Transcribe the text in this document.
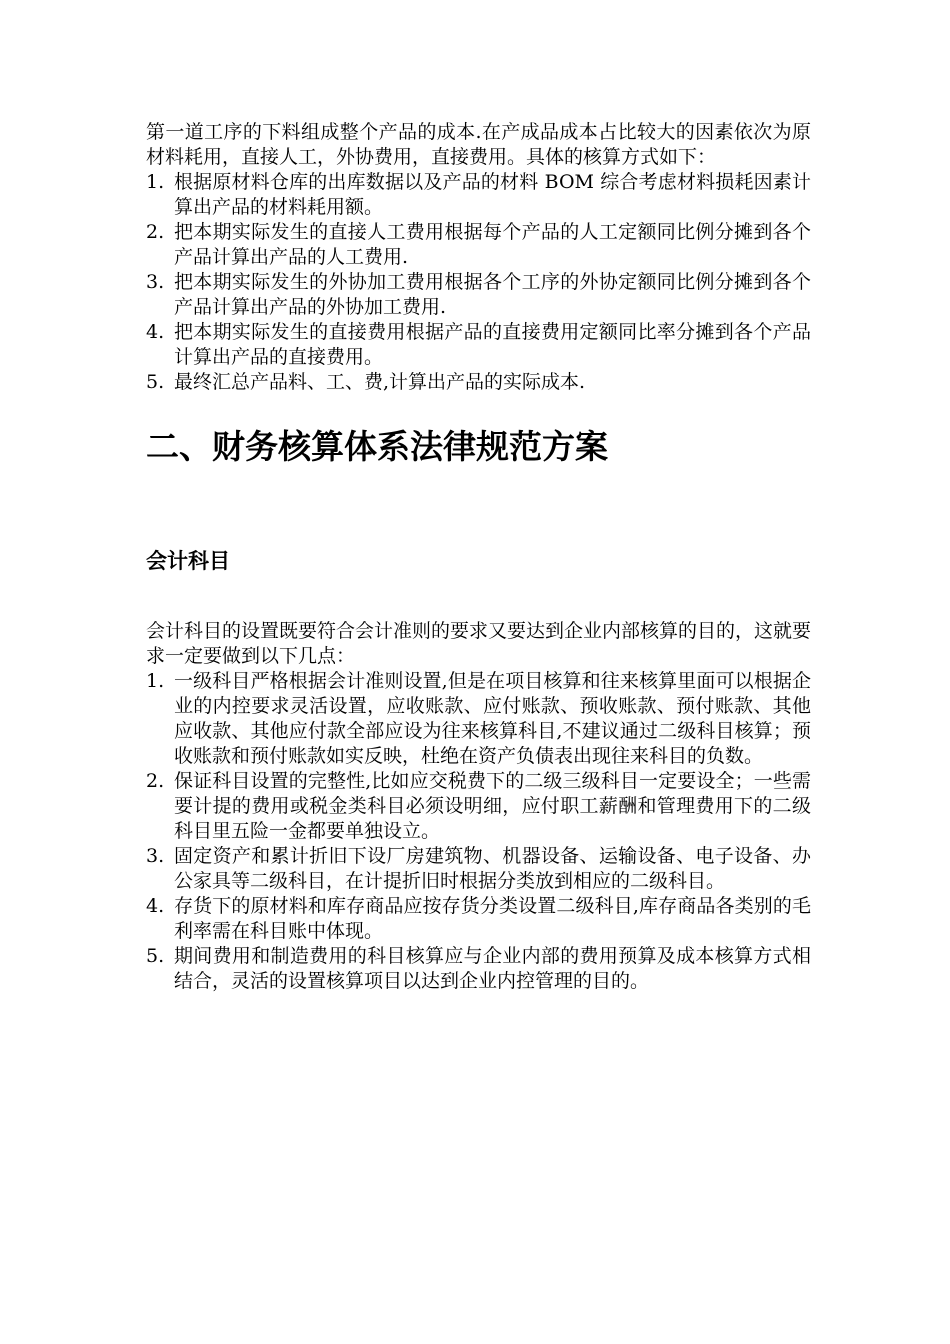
第一道工序的下料组成整个产品的成本.在产成品成本占比较大的因素依次为原材料耗用，直接人工，外协费用，直接费用。具体的核算方式如下：

1. 根据原材料仓库的出库数据以及产品的材料 BOM 综合考虑材料损耗因素计算出产品的材料耗用额。
2. 把本期实际发生的直接人工费用根据每个产品的人工定额同比例分摊到各个产品计算出产品的人工费用.
3. 把本期实际发生的外协加工费用根据各个工序的外协定额同比例分摊到各个产品计算出产品的外协加工费用.
4. 把本期实际发生的直接费用根据产品的直接费用定额同比率分摊到各个产品计算出产品的直接费用。
5. 最终汇总产品料、工、费,计算出产品的实际成本.
二、财务核算体系法律规范方案
会计科目

会计科目的设置既要符合会计准则的要求又要达到企业内部核算的目的，这就要求一定要做到以下几点：

1. 一级科目严格根据会计准则设置,但是在项目核算和往来核算里面可以根据企业的内控要求灵活设置，应收账款、应付账款、预收账款、预付账款、其他应收款、其他应付款全部应设为往来核算科目,不建议通过二级科目核算；预收账款和预付账款如实反映，杜绝在资产负债表出现往来科目的负数。
2. 保证科目设置的完整性,比如应交税费下的二级三级科目一定要设全；一些需要计提的费用或税金类科目必须设明细，应付职工薪酬和管理费用下的二级科目里五险一金都要单独设立。
3. 固定资产和累计折旧下设厂房建筑物、机器设备、运输设备、电子设备、办公家具等二级科目，在计提折旧时根据分类放到相应的二级科目。
4. 存货下的原材料和库存商品应按存货分类设置二级科目,库存商品各类别的毛利率需在科目账中体现。
5. 期间费用和制造费用的科目核算应与企业内部的费用预算及成本核算方式相结合，灵活的设置核算项目以达到企业内控管理的目的。
